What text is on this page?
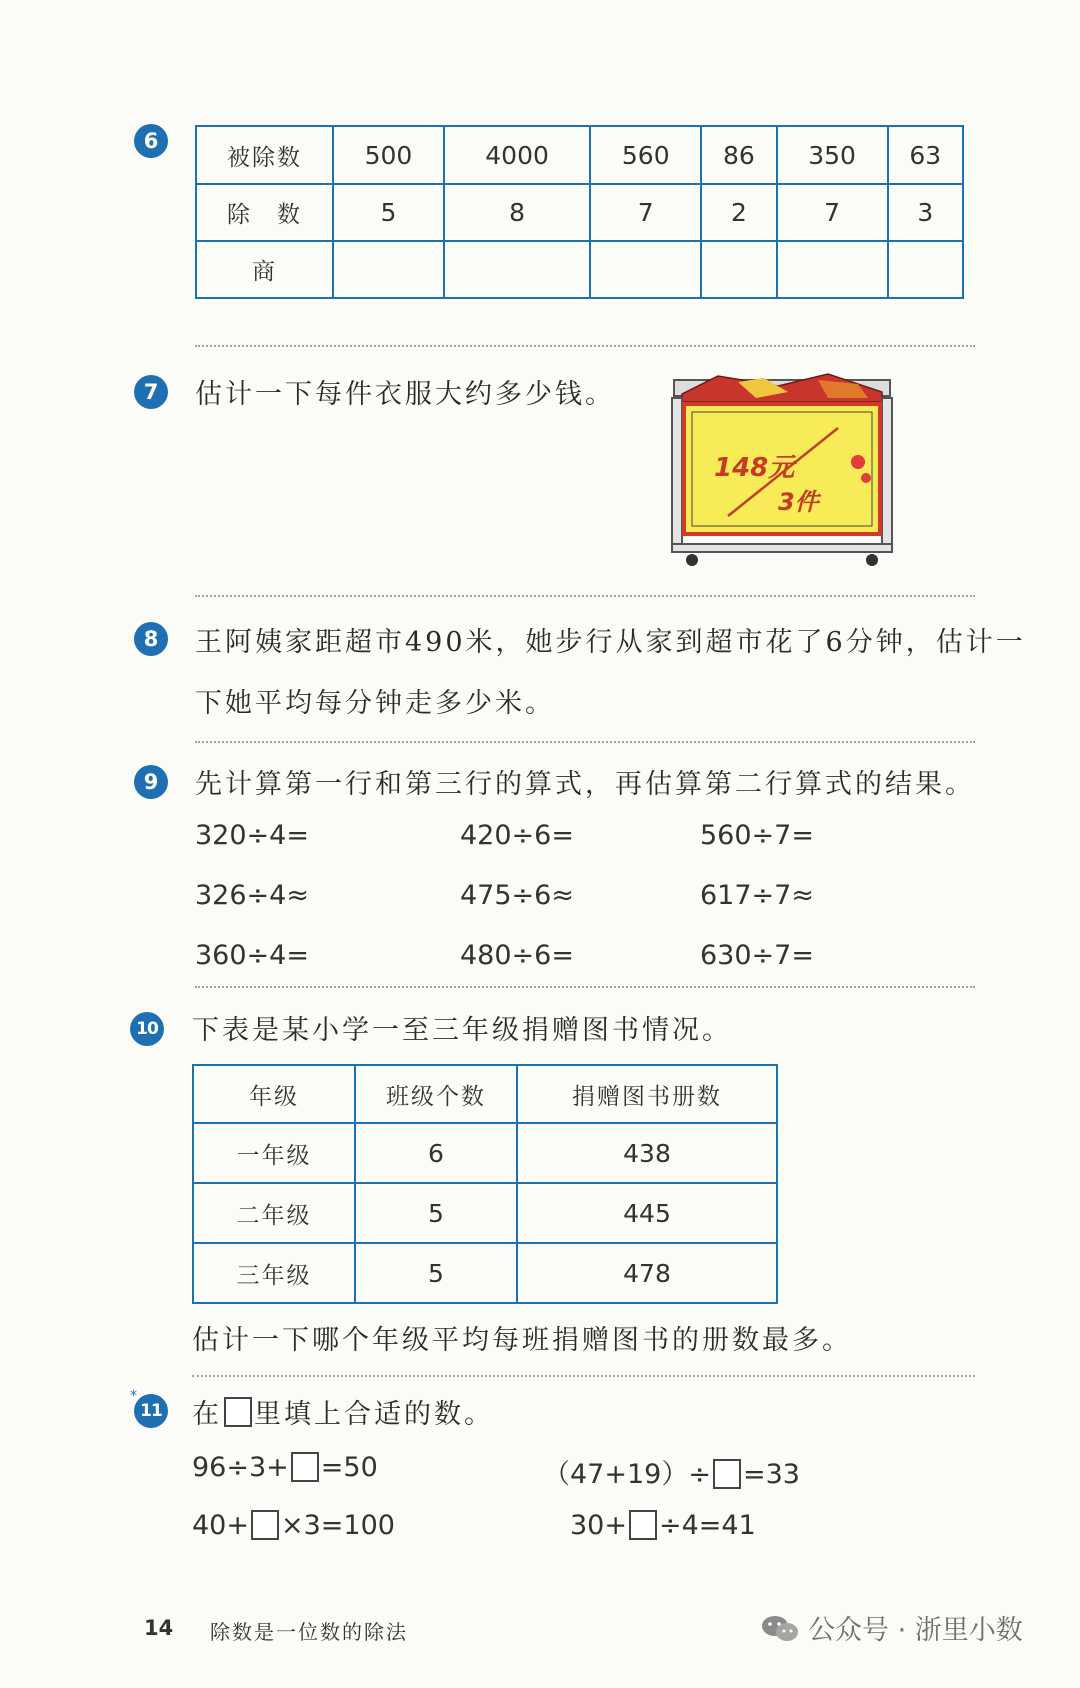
6
被除数	500	4000	560	86	350	63
除　数	5	8	7	2	7	3
商						
7 估计一下每件衣服大约多少钱。
148元
3件
8 王阿姨家距超市490米，她步行从家到超市花了6分钟，估计一
下她平均每分钟走多少米。
9 先计算第一行和第三行的算式，再估算第二行算式的结果。
320÷4=	420÷6=	560÷7=
326÷4≈	475÷6≈	617÷7≈
360÷4=	480÷6=	630÷7=
10 下表是某小学一至三年级捐赠图书情况。
年级	班级个数	捐赠图书册数
一年级	6	438
二年级	5	445
三年级	5	478
估计一下哪个年级平均每班捐赠图书的册数最多。
*
11 在 里填上合适的数。
96÷3+ =50	（47+19）÷ =33
40+ ×3=100	30+ ÷4=41
14 除数是一位数的除法	公众号 · 浙里小数
